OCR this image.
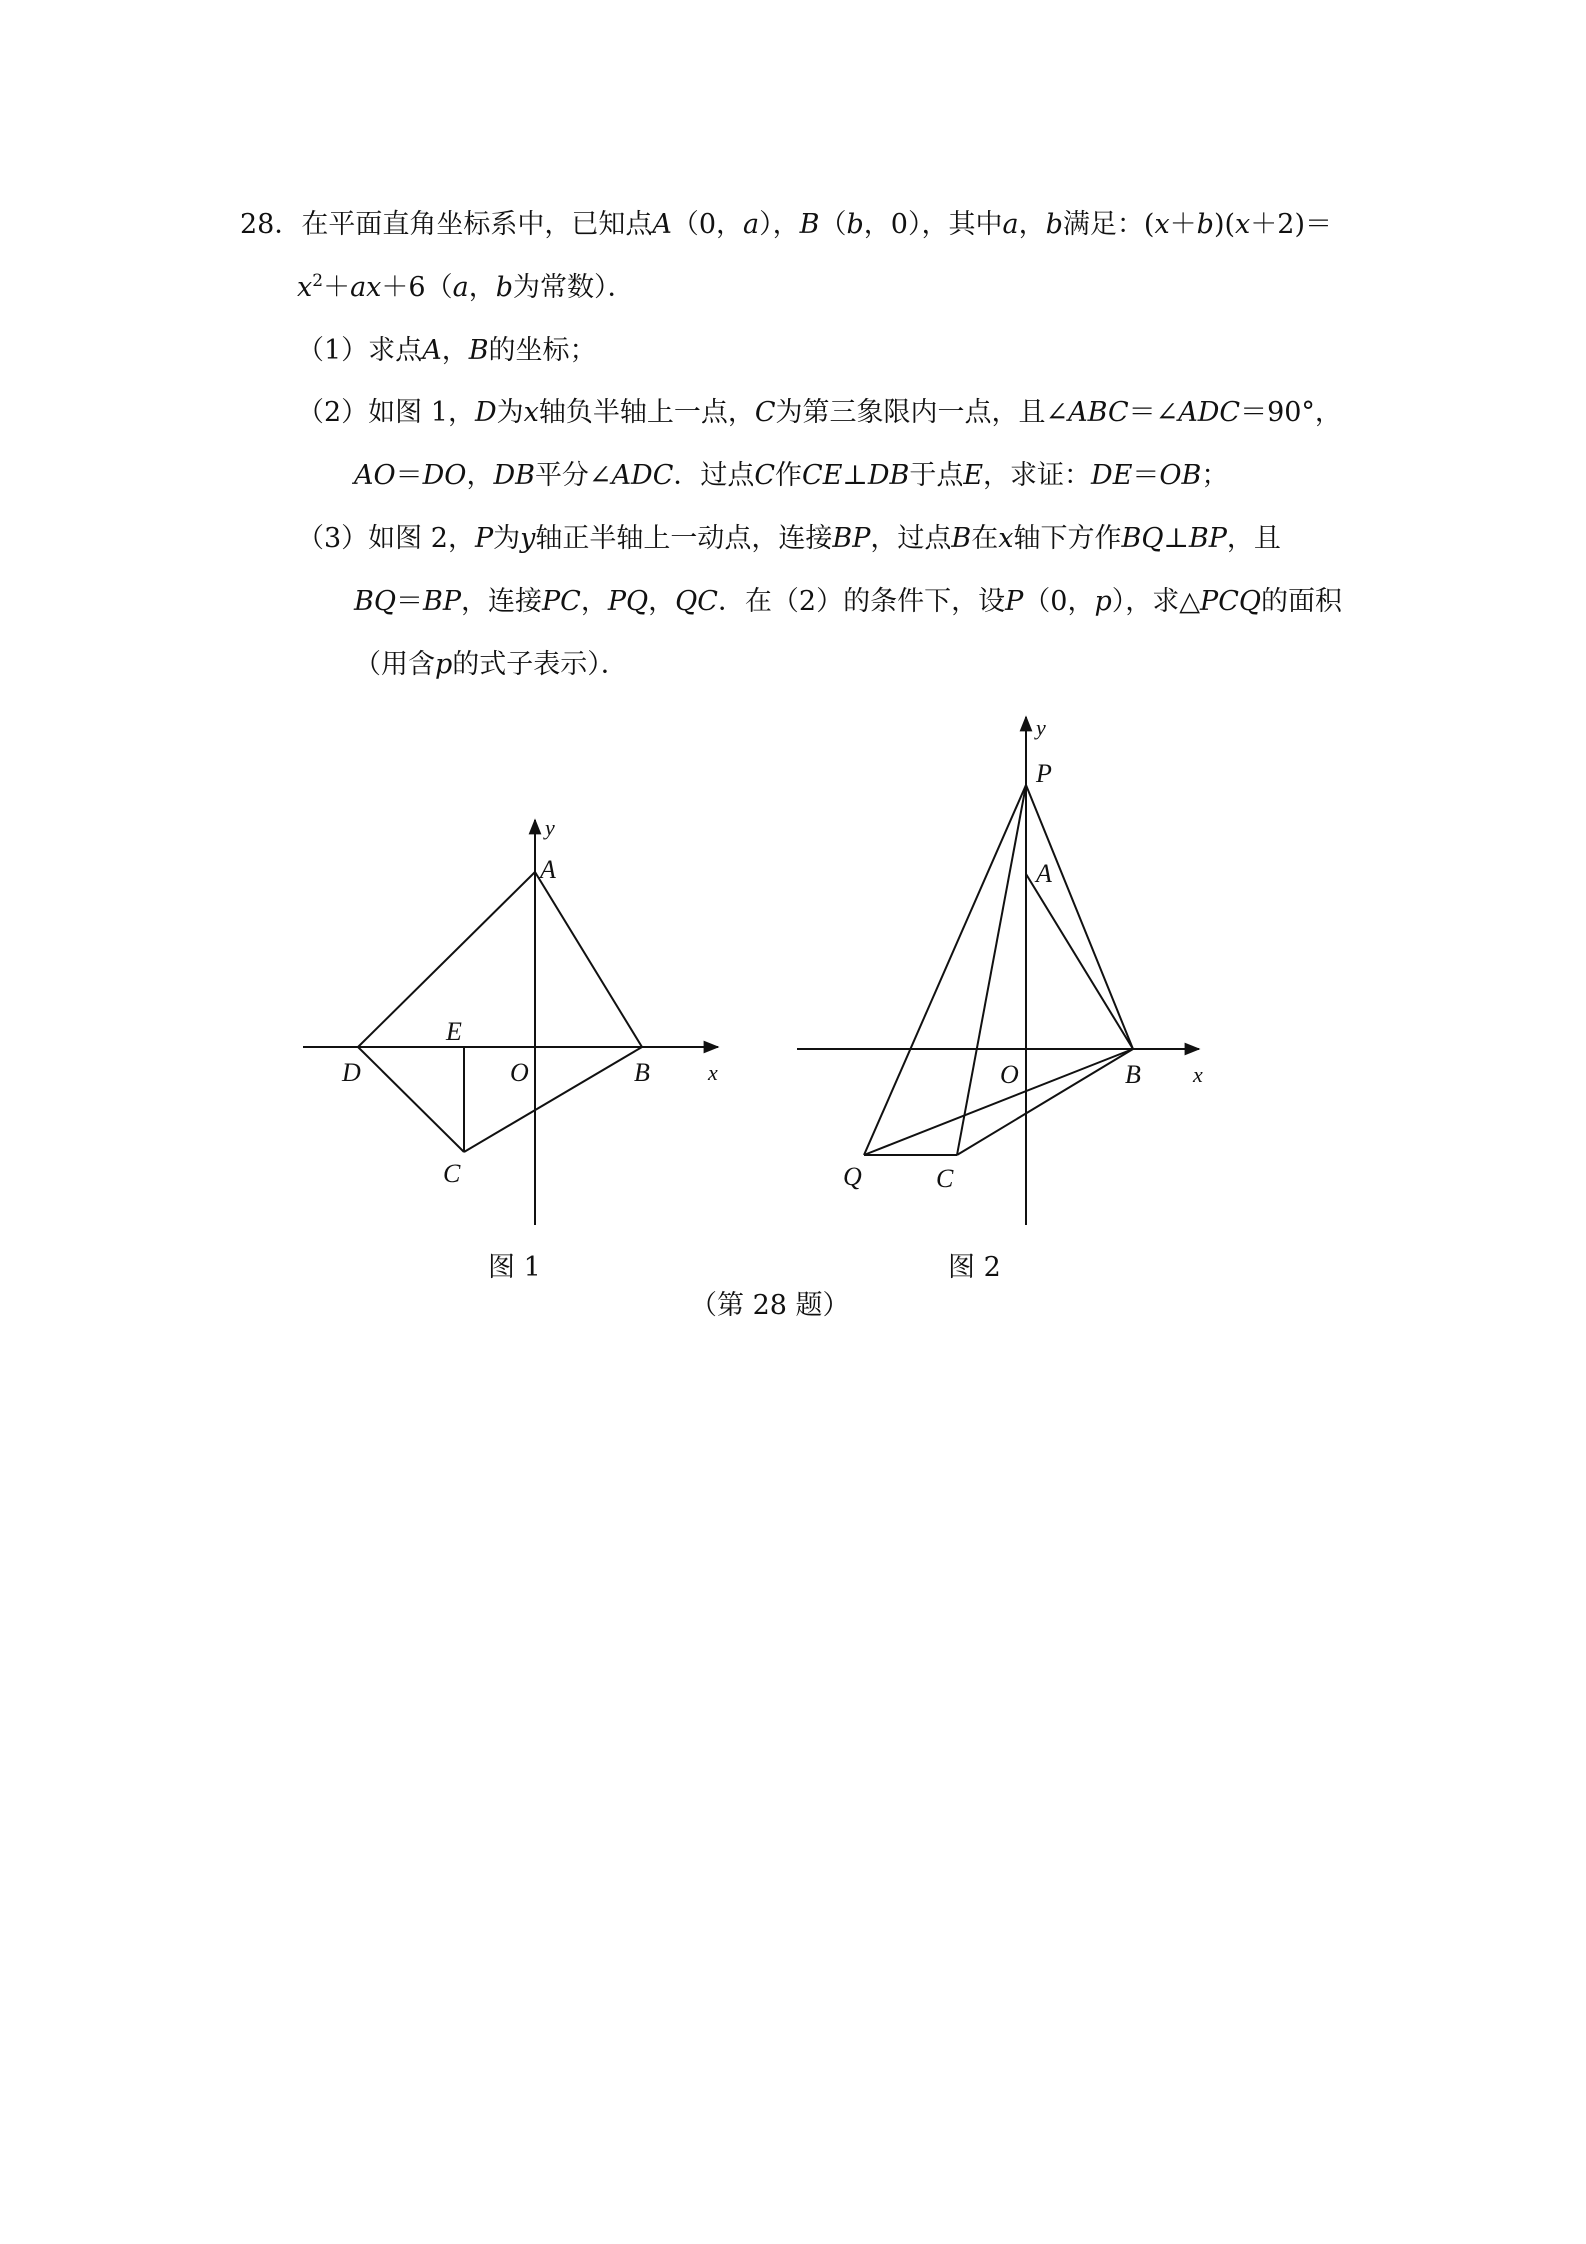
28．在平面直角坐标系中，已知点A（0，a），B（b，0），其中a，b满足：(x＋b)(x＋2)＝
$x^2+ax+6(a$，b为常数）．
（1）求点A，B的坐标；
（2）如图 1，D为x轴负半轴上一点，C为第三象限内一点，且∠ABC＝∠ADC＝90°，
AO＝DO，DB平分∠ADC．过点C作CE⊥DB于点E，求证：DE＝OB；
（3）如图 2，P为y轴正半轴上一动点，连接BP，过点B在x轴下方作BQ⊥BP，且
BQ＝BP，连接PC，PQ，QC．在（2）的条件下，设P（0，p），求△PCQ的面积
（用含p的式子表示）．
A
B
C
D
E
O	x
y
P
A
B
O
Q	C
x
y
图 1	图 2
（第 28 题）
